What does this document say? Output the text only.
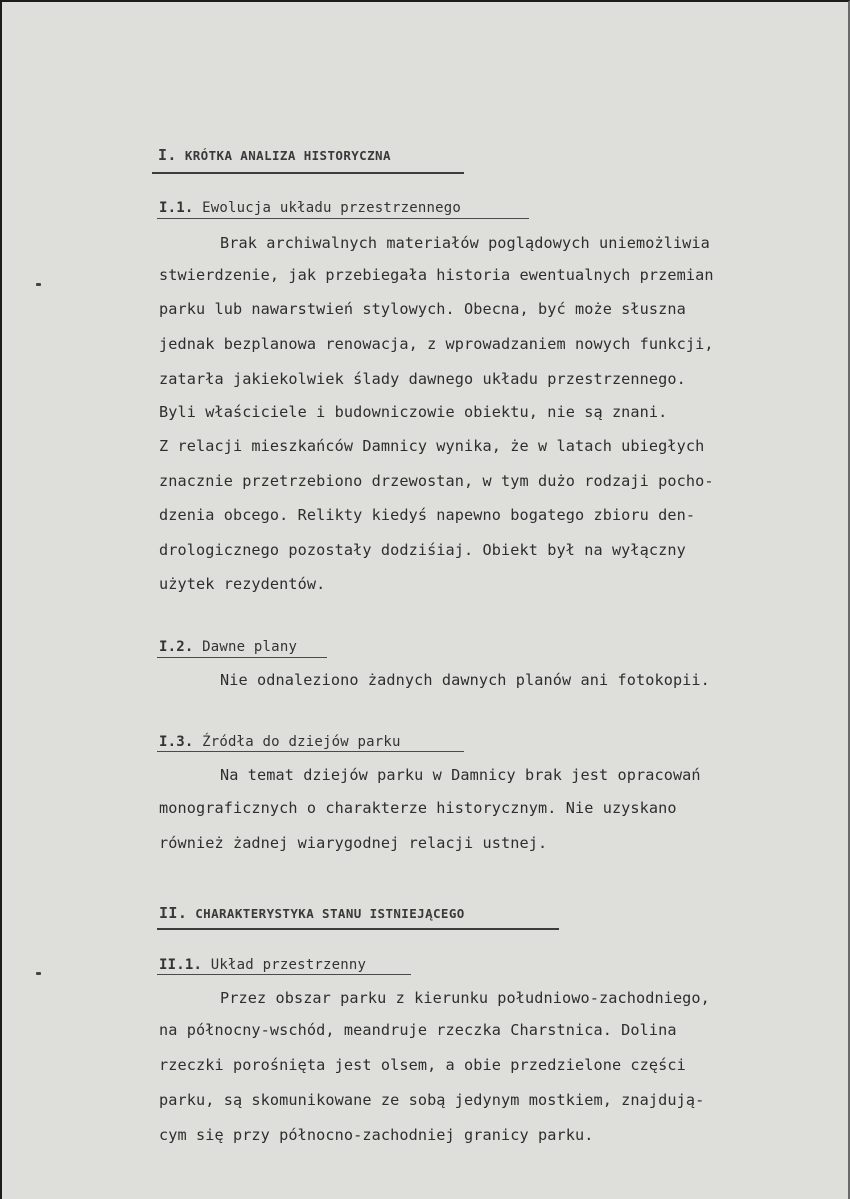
I. KRÓTKA ANALIZA HISTORYCZNA
I.1. Ewolucja układu przestrzennego
Brak archiwalnych materiałów poglądowych uniemożliwia
stwierdzenie, jak przebiegała historia ewentualnych przemian
parku lub nawarstwień stylowych. Obecna, być może słuszna
jednak bezplanowa renowacja, z wprowadzaniem nowych funkcji,
zatarła jakiekolwiek ślady dawnego układu przestrzennego.
Byli właściciele i budowniczowie obiektu, nie są znani.
Z relacji mieszkańców Damnicy wynika, że w latach ubiegłych
znacznie przetrzebiono drzewostan, w tym dużo rodzaji pocho-
dzenia obcego. Relikty kiedyś napewno bogatego zbioru den-
drologicznego pozostały dodziśiaj. Obiekt był na wyłączny
użytek rezydentów.
I.2. Dawne plany
Nie odnaleziono żadnych dawnych planów ani fotokopii.
I.3. Źródła do dziejów parku
Na temat dziejów parku w Damnicy brak jest opracowań
monograficznych o charakterze historycznym. Nie uzyskano
również żadnej wiarygodnej relacji ustnej.
II. CHARAKTERYSTYKA STANU ISTNIEJĄCEGO
II.1. Układ przestrzenny
Przez obszar parku z kierunku południowo-zachodniego,
na północny-wschód, meandruje rzeczka Charstnica. Dolina
rzeczki porośnięta jest olsem, a obie przedzielone części
parku, są skomunikowane ze sobą jedynym mostkiem, znajdują-
cym się przy północno-zachodniej granicy parku.
